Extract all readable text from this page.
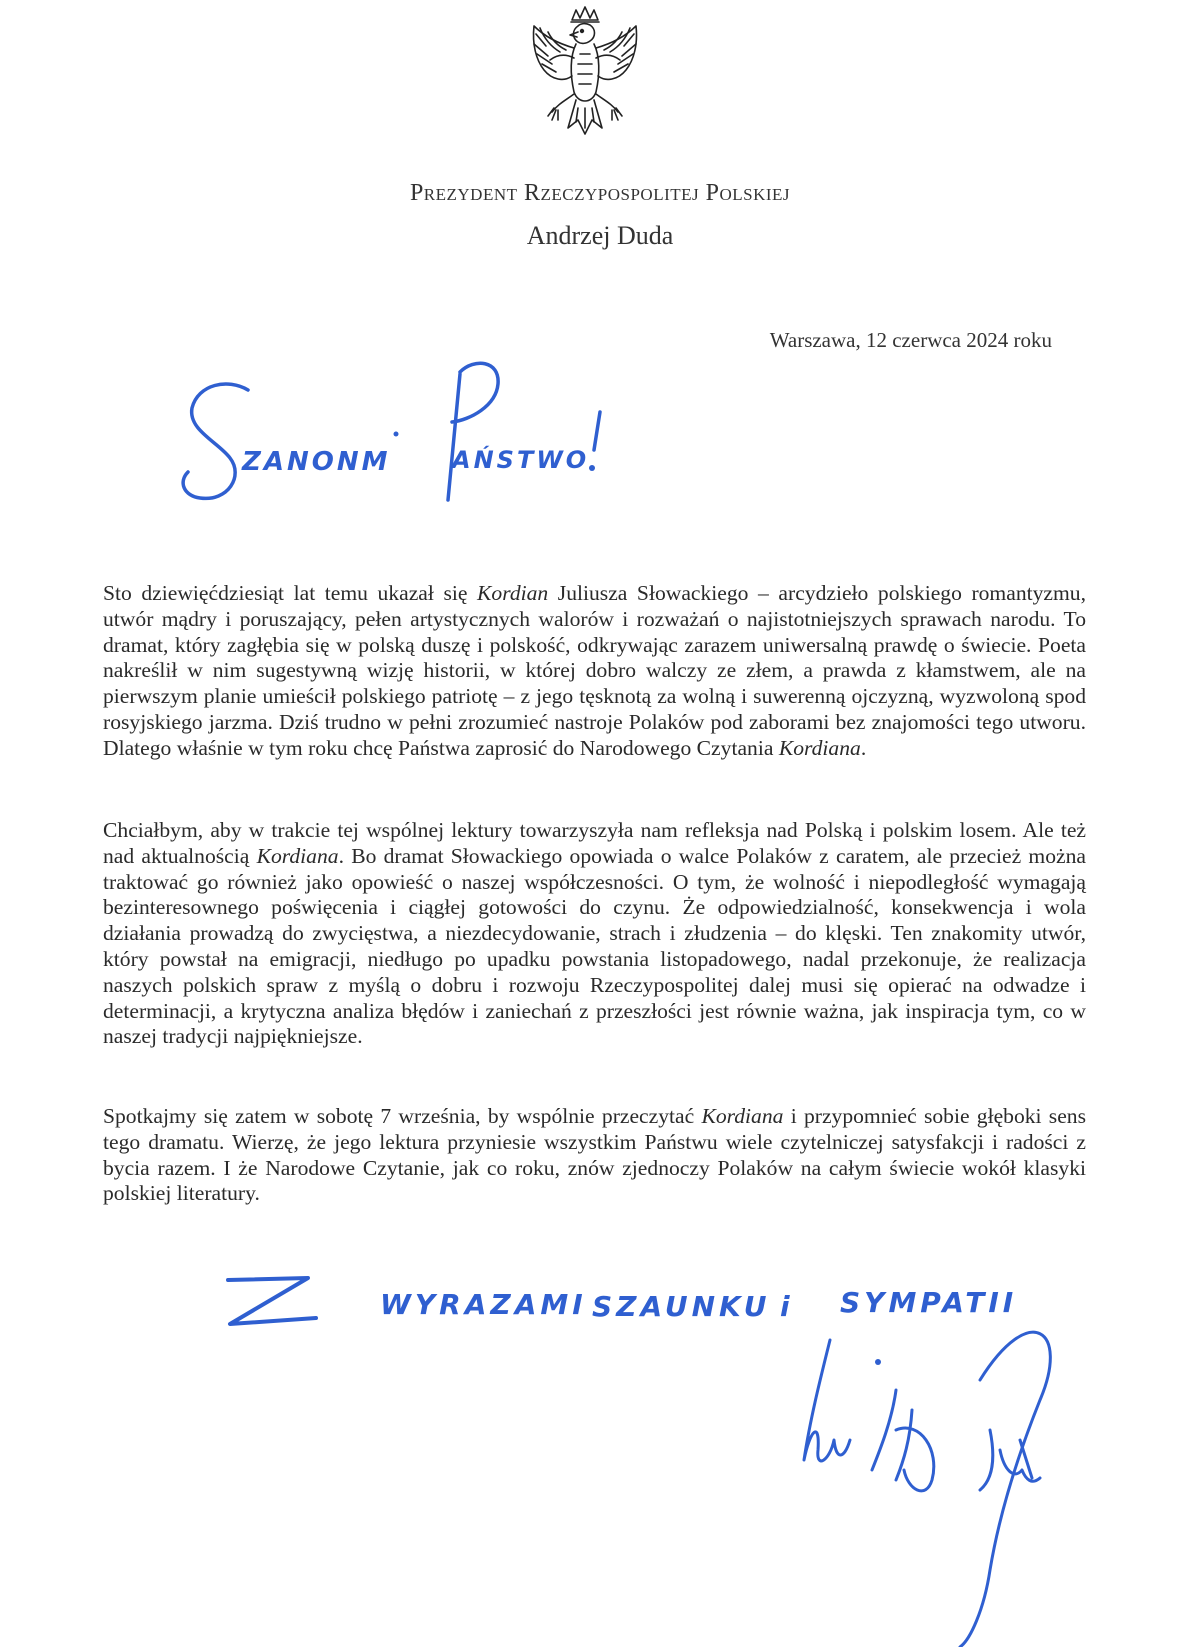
Prezydent Rzeczypospolitej Polskiej
Andrzej Duda
Warszawa, 12 czerwca 2024 roku
ZANONM	AŃSTWO
Szanowni Państwo!

Sto dziewięćdziesiąt lat temu ukazał się Kordian Juliusza Słowackiego – arcydzieło polskiego romantyzmu, utwór mądry i poruszający, pełen artystycznych walorów i rozważań o najistotniejszych sprawach narodu. To dramat, który zagłębia się w polską duszę i polskość, odkrywając zarazem uniwersalną prawdę o świecie. Poeta nakreślił w nim sugestywną wizję historii, w której dobro walczy ze złem, a prawda z kłamstwem, ale na pierwszym planie umieścił polskiego patriotę – z jego tęsknotą za wolną i suwerenną ojczyzną, wyzwoloną spod rosyjskiego jarzma. Dziś trudno w pełni zrozumieć nastroje Polaków pod zaborami bez znajomości tego utworu. Dlatego właśnie w tym roku chcę Państwa zaprosić do Narodowego Czytania Kordiana.

Chciałbym, aby w trakcie tej wspólnej lektury towarzyszyła nam refleksja nad Polską i polskim losem. Ale też nad aktualnością Kordiana. Bo dramat Słowackiego opowiada o walce Polaków z caratem, ale przecież można traktować go również jako opowieść o naszej współczesności. O tym, że wolność i niepodległość wymagają bezinteresownego poświęcenia i ciągłej gotowości do czynu. Że odpowiedzialność, konsekwencja i wola działania prowadzą do zwycięstwa, a niezdecydowanie, strach i złudzenia – do klęski. Ten znakomity utwór, który powstał na emigracji, niedługo po upadku powstania listopadowego, nadal przekonuje, że realizacja naszych polskich spraw z myślą o dobru i rozwoju Rzeczypospolitej dalej musi się opierać na odwadze i determinacji, a krytyczna analiza błędów i zaniechań z przeszłości jest równie ważna, jak inspiracja tym, co w naszej tradycji najpiękniejsze.

Spotkajmy się zatem w sobotę 7 września, by wspólnie przeczytać Kordiana i przypomnieć sobie głęboki sens tego dramatu. Wierzę, że jego lektura przyniesie wszystkim Państwu wiele czytelniczej satysfakcji i radości z bycia razem. I że Narodowe Czytanie, jak co roku, znów zjednoczy Polaków na całym świecie wokół klasyki polskiej literatury.

WYRAZAMI SZAUNKU i SYMPATII
Z wyrazami szacunku i sympatii
